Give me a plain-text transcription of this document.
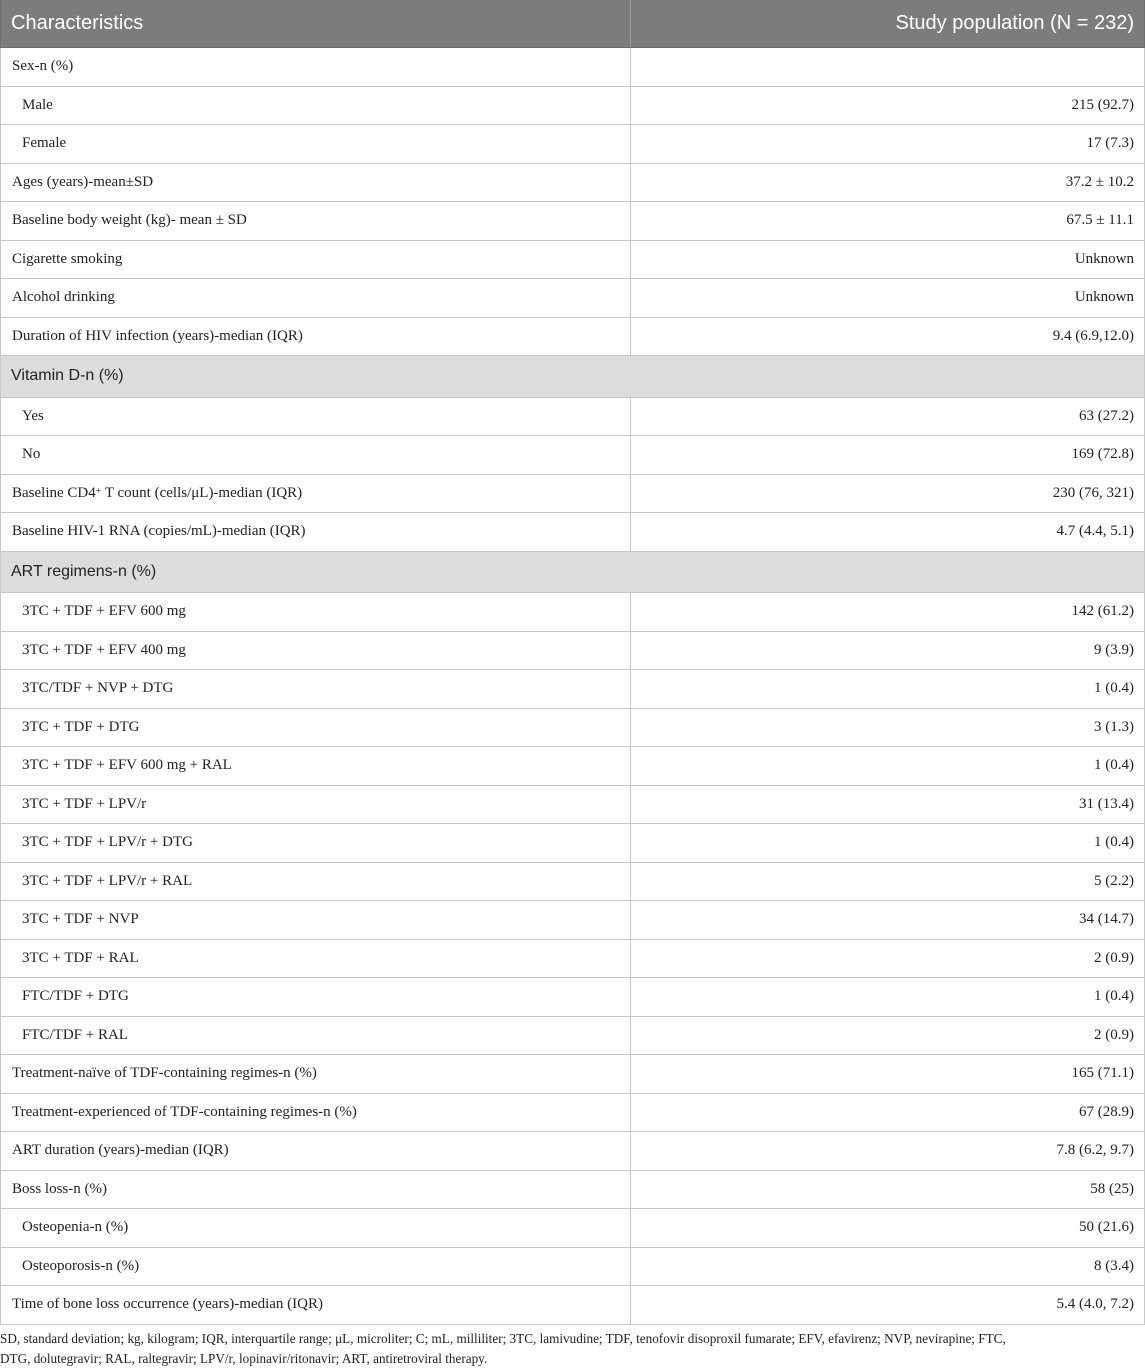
Characteristics	Study population (N = 232)
Sex-n (%)
Male	215 (92.7)
Female	17 (7.3)
Ages (years)-mean±SD	37.2 ± 10.2
Baseline body weight (kg)- mean ± SD	67.5 ± 11.1
Cigarette smoking	Unknown
Alcohol drinking	Unknown
Duration of HIV infection (years)-median (IQR)	9.4 (6.9,12.0)
Vitamin D-n (%)
Yes	63 (27.2)
No	169 (72.8)
Baseline CD4+ T count (cells/μL)-median (IQR)	230 (76, 321)
Baseline HIV-1 RNA (copies/mL)-median (IQR)	4.7 (4.4, 5.1)
ART regimens-n (%)
3TC + TDF + EFV 600 mg	142 (61.2)
3TC + TDF + EFV 400 mg	9 (3.9)
3TC/TDF + NVP + DTG	1 (0.4)
3TC + TDF + DTG	3 (1.3)
3TC + TDF + EFV 600 mg + RAL	1 (0.4)
3TC + TDF + LPV/r	31 (13.4)
3TC + TDF + LPV/r + DTG	1 (0.4)
3TC + TDF + LPV/r + RAL	5 (2.2)
3TC + TDF + NVP	34 (14.7)
3TC + TDF + RAL	2 (0.9)
FTC/TDF + DTG	1 (0.4)
FTC/TDF + RAL	2 (0.9)
Treatment-naïve of TDF-containing regimes-n (%)	165 (71.1)
Treatment-experienced of TDF-containing regimes-n (%)	67 (28.9)
ART duration (years)-median (IQR)	7.8 (6.2, 9.7)
Boss loss-n (%)	58 (25)
Osteopenia-n (%)	50 (21.6)
Osteoporosis-n (%)	8 (3.4)
Time of bone loss occurrence (years)-median (IQR)	5.4 (4.0, 7.2)
SD, standard deviation; kg, kilogram; IQR, interquartile range; μL, microliter; C; mL, milliliter; 3TC, lamivudine; TDF, tenofovir disoproxil fumarate; EFV, efavirenz; NVP, nevirapine; FTC,
DTG, dolutegravir; RAL, raltegravir; LPV/r, lopinavir/ritonavir; ART, antiretroviral therapy.
